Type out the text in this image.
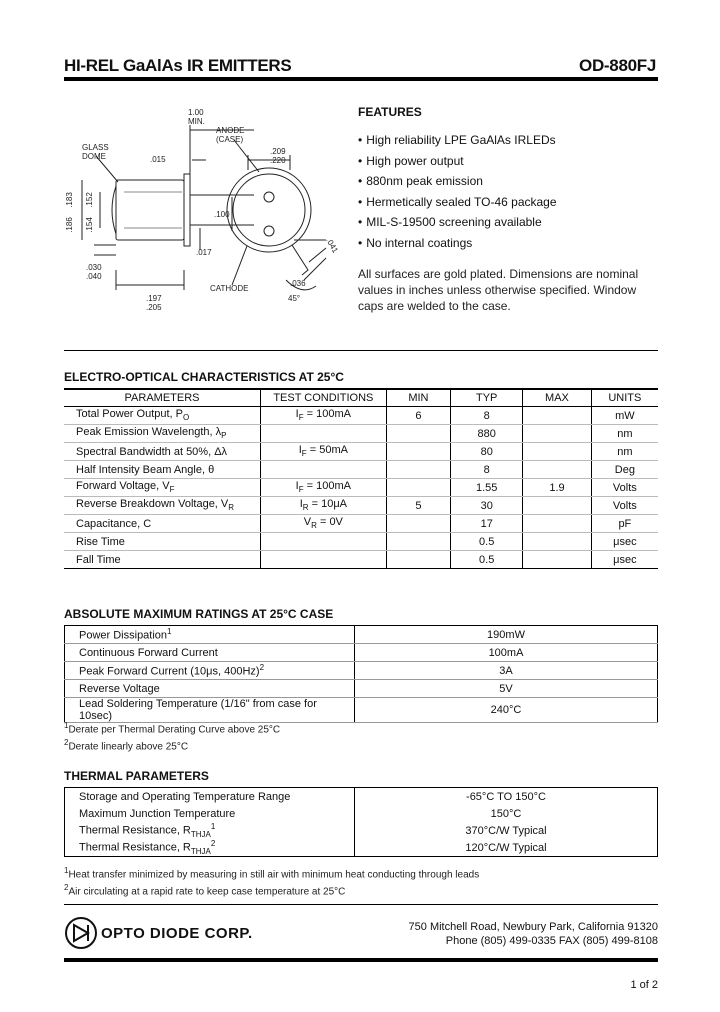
HI-REL GaAlAs IR EMITTERS	OD-880FJ
1.00
MIN.
ANODE
(CASE)
GLASS
DOME	.015
.209
.220
.183
.186
.152
.154
.100
.017	.041
.030
.040
.036
CATHODE
45°
.197
.205
FEATURES
• High reliability LPE GaAlAs IRLEDs
• High power output
• 880nm peak emission
• Hermetically sealed TO-46 package
• MIL-S-19500 screening available
• No internal coatings
All surfaces are gold plated. Dimensions are nominal values in inches unless otherwise specified. Window caps are welded to the case.
ELECTRO-OPTICAL CHARACTERISTICS AT 25°C
PARAMETERS	TEST CONDITIONS	MIN	TYP	MAX	UNITS
Total Power Output, $P_O$	$I_F = 100mA$	6	8		mW
Peak Emission Wavelength, $\lambda_P$			880		nm
Spectral Bandwidth at 50%, Δλ	$I_F = 50mA$		80		nm
Half Intensity Beam Angle, θ			8		Deg
Forward Voltage, $V_F$	$I_F = 100mA$		1.55	1.9	Volts
Reverse Breakdown Voltage, $V_R$	$I_R = 10\mu A$	5	30		Volts
Capacitance, C	$V_R = 0V$		17		pF
Rise Time			0.5		μsec
Fall Time			0.5		μsec
ABSOLUTE MAXIMUM RATINGS AT 25°C CASE
Power Dissipation$^1$	190mW
Continuous Forward Current	100mA
Peak Forward Current (10μs, 400Hz)$^2$	3A
Reverse Voltage	5V
Lead Soldering Temperature (1/16" from case for 10sec)	240°C
$^1$Derate per Thermal Derating Curve above 25°C
$^2$Derate linearly above 25°C
THERMAL PARAMETERS
Storage and Operating Temperature Range	-65°C TO 150°C
Maximum Junction Temperature	150°C
Thermal Resistance, $R_{THJA}^1$	370°C/W Typical
Thermal Resistance, $R_{THJA}^2$	120°C/W Typical
$^1$Heat transfer minimized by measuring in still air with minimum heat conducting through leads
$^2$Air circulating at a rapid rate to keep case temperature at 25°C
OPTO DIODE CORP.	750 Mitchell Road, Newbury Park, California 91320
Phone (805) 499-0335 FAX (805) 499-8108
1 of 2
